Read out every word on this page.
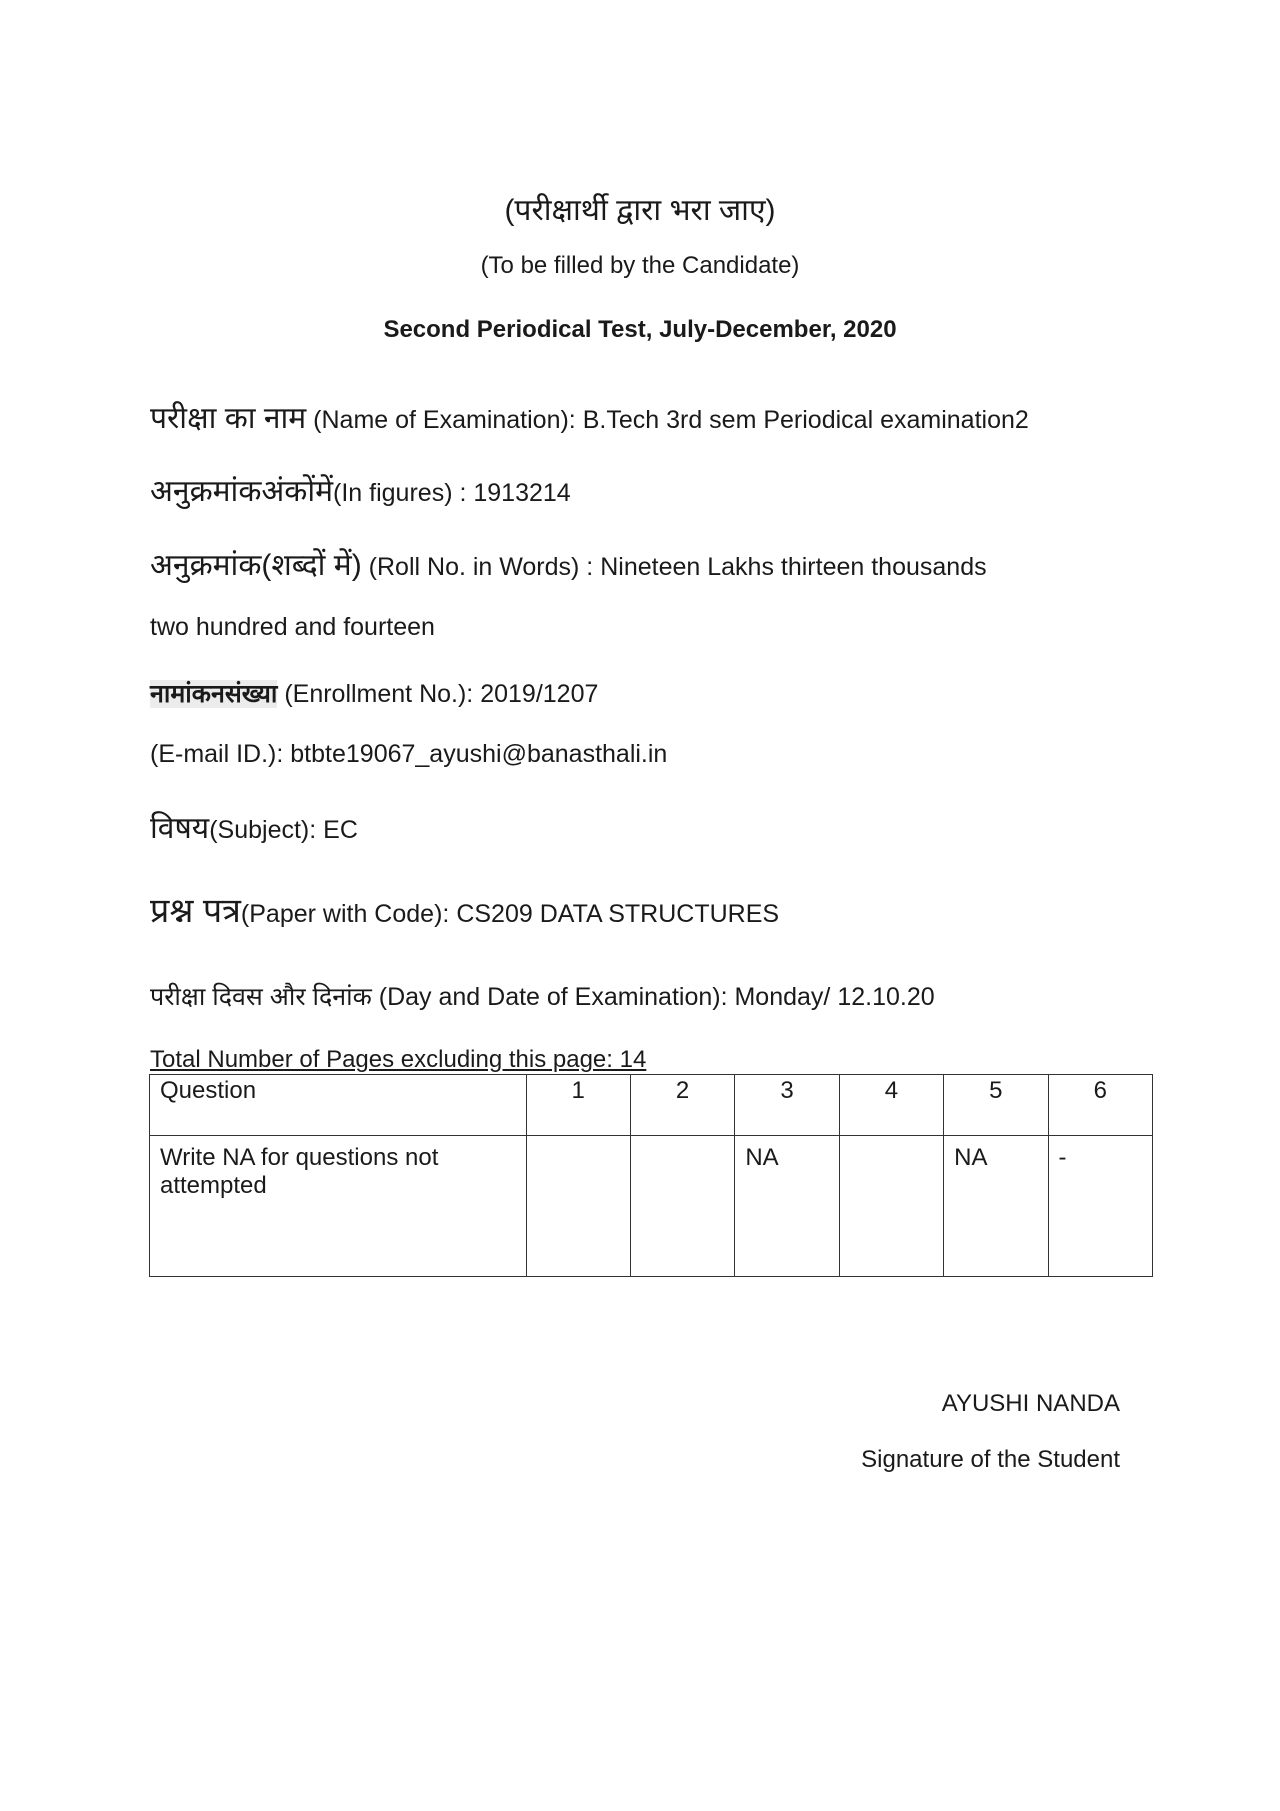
(परीक्षार्थी द्वारा भरा जाए)
(To be filled by the Candidate)
Second Periodical Test, July-December, 2020
परीक्षा का नाम (Name of Examination): B.Tech 3rd sem Periodical examination2
अनुक्रमांकअंकोंमें(In figures) : 1913214
अनुक्रमांक(शब्दों में) (Roll No. in Words) : Nineteen Lakhs thirteen thousands
two hundred and fourteen
नामांकनसंख्या (Enrollment No.): 2019/1207
(E-mail ID.): btbte19067_ayushi@banasthali.in
विषय(Subject): EC
प्रश्न पत्र(Paper with Code): CS209 DATA STRUCTURES
परीक्षा दिवस और दिनांक (Day and Date of Examination): Monday/ 12.10.20
Total Number of Pages excluding this page: 14
Question	1	2	3	4	5	6
Write NA for questions not attempted			NA		NA	-
AYUSHI NANDA
Signature of the Student
